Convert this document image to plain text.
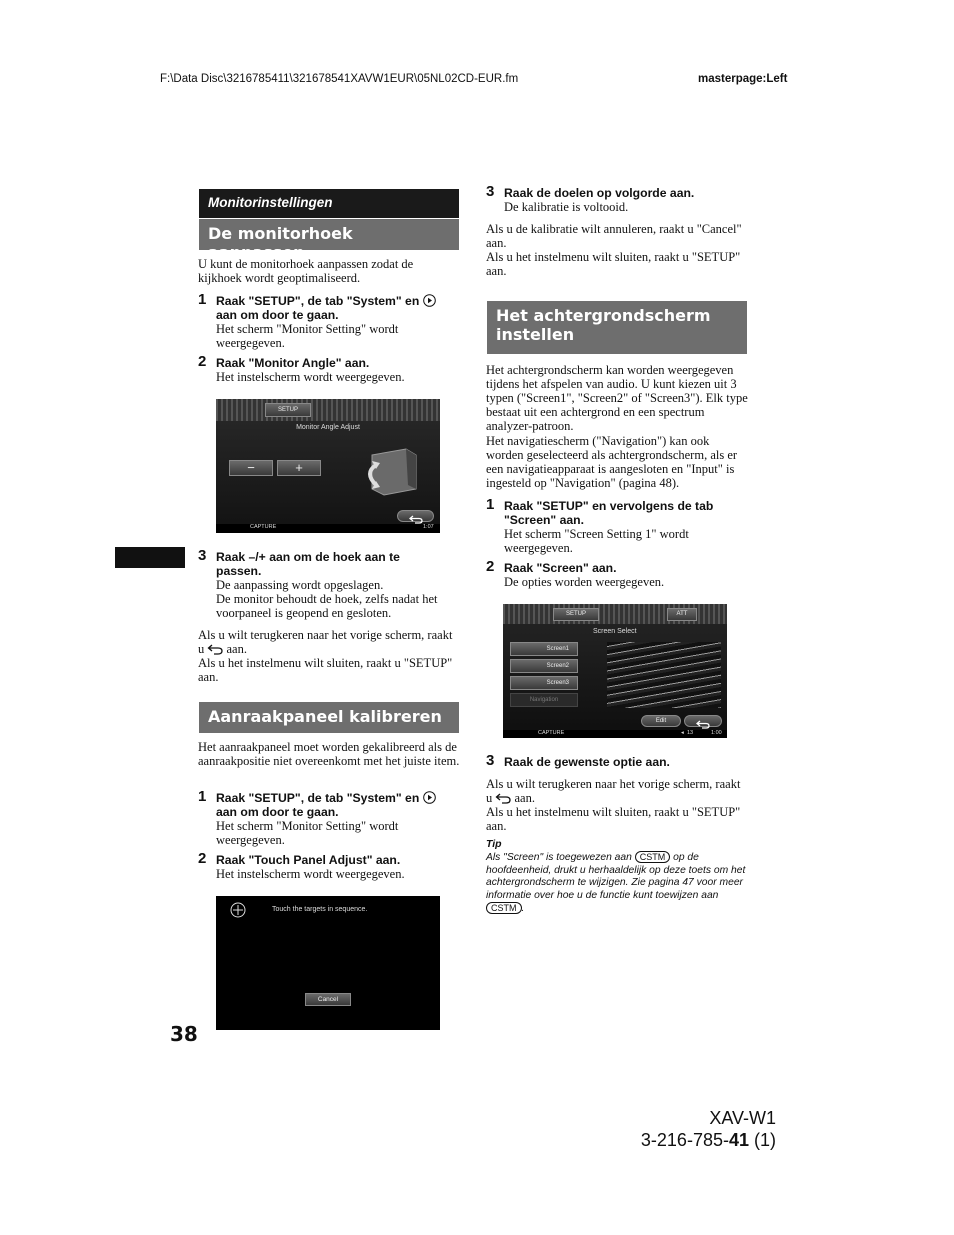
F:\Data Disc\3216785411\321678541XAVW1EUR\05NL02CD-EUR.fm	masterpage:Left
Monitorinstellingen
De monitorhoek aanpassen
U kunt de monitorhoek aanpassen zodat de kijkhoek wordt geoptimaliseerd.
1 Raak "SETUP", de tab "System" en
aan om door te gaan.
Het scherm "Monitor Setting" wordt weergegeven.
2 Raak "Monitor Angle" aan.
Het instelscherm wordt weergegeven.
SETUP
Monitor Angle Adjust
−	+
CAPTURE	1:07
3 Raak –/+ aan om de hoek aan te passen.
De aanpassing wordt opgeslagen.
De monitor behoudt de hoek, zelfs nadat het voorpaneel is geopend en gesloten.
Als u wilt terugkeren naar het vorige scherm, raakt u aan.
Als u het instelmenu wilt sluiten, raakt u "SETUP" aan.
Aanraakpaneel kalibreren
Het aanraakpaneel moet worden gekalibreerd als de aanraakpositie niet overeenkomt met het juiste item.
1 Raak "SETUP", de tab "System" en
aan om door te gaan.
Het scherm "Monitor Setting" wordt weergegeven.
2 Raak "Touch Panel Adjust" aan.
Het instelscherm wordt weergegeven.
Touch the targets in sequence.
Cancel
38
3 Raak de doelen op volgorde aan.
De kalibratie is voltooid.
Als u de kalibratie wilt annuleren, raakt u "Cancel" aan.
Als u het instelmenu wilt sluiten, raakt u "SETUP" aan.
Het achtergrondscherm
instellen
Het achtergrondscherm kan worden weergegeven tijdens het afspelen van audio. U kunt kiezen uit 3 typen ("Screen1", "Screen2" of "Screen3"). Elk type bestaat uit een achtergrond en een spectrum analyzer-patroon.
Het navigatiescherm ("Navigation") kan ook worden geselecteerd als achtergrondscherm, als er een navigatieapparaat is aangesloten en "Input" is ingesteld op "Navigation" (pagina 48).
1 Raak "SETUP" en vervolgens de tab "Screen" aan.
Het scherm "Screen Setting 1" wordt weergegeven.
2 Raak "Screen" aan.
De opties worden weergegeven.
SETUP	ATT
Screen Select
Screen1
Screen2
Screen3
Navigation
Edit
CAPTURE	◂ 13	1:00
3 Raak de gewenste optie aan.
Als u wilt terugkeren naar het vorige scherm, raakt u aan.
Als u het instelmenu wilt sluiten, raakt u "SETUP" aan.
Tip
Als "Screen" is toegewezen aan CSTM op de hoofdeenheid, drukt u herhaaldelijk op deze toets om het achtergrondscherm te wijzigen. Zie pagina 47 voor meer informatie over hoe u de functie kunt toewijzen aan CSTM .
XAV-W1
3-216-785-41 (1)
